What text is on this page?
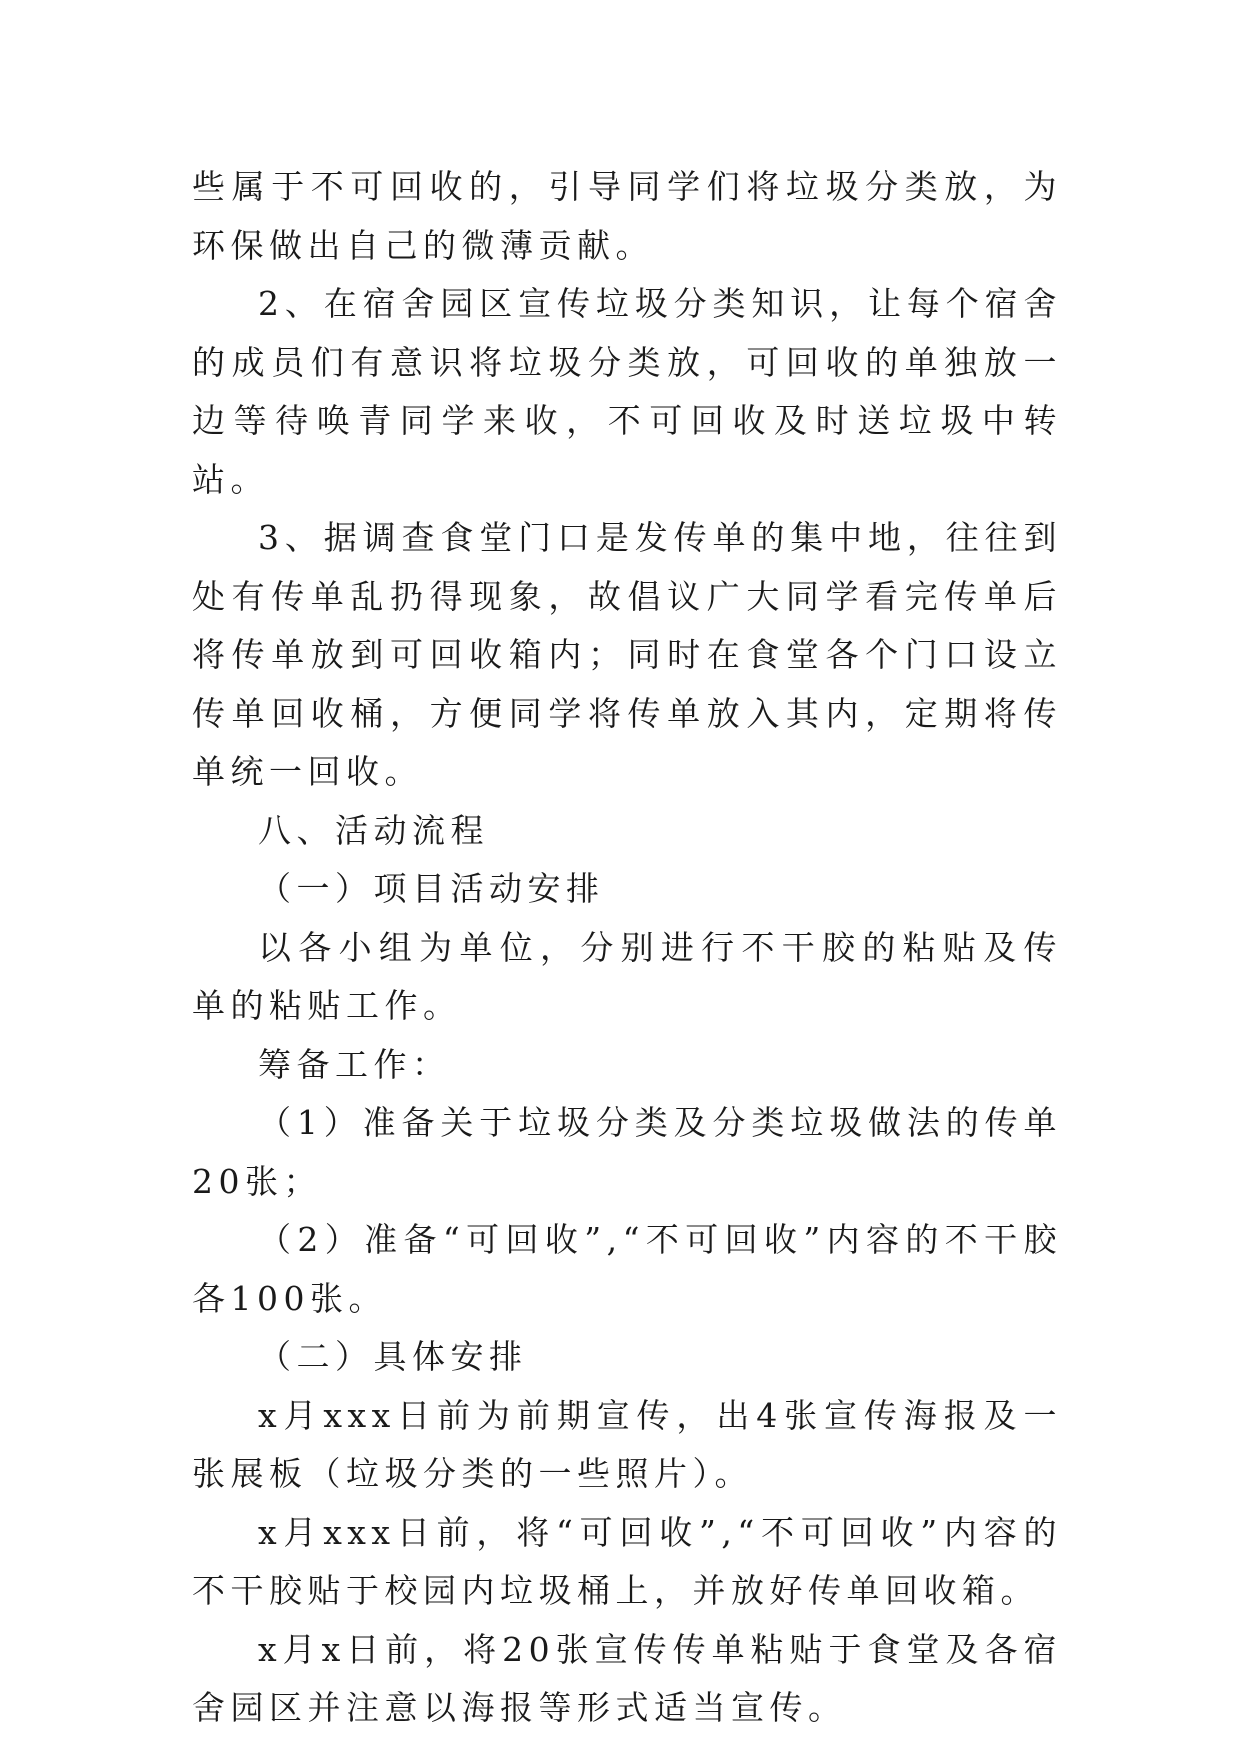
些属于不可回收的，引导同学们将垃圾分类放，为环保做出自己的微薄贡献。

2、在宿舍园区宣传垃圾分类知识，让每个宿舍的成员们有意识将垃圾分类放，可回收的单独放一边等待唤青同学来收，不可回收及时送垃圾中转站。

3、据调查食堂门口是发传单的集中地，往往到处有传单乱扔得现象，故倡议广大同学看完传单后将传单放到可回收箱内；同时在食堂各个门口设立传单回收桶，方便同学将传单放入其内，定期将传单统一回收。

八、活动流程

（一）项目活动安排

以各小组为单位，分别进行不干胶的粘贴及传单的粘贴工作。

筹备工作：

（1）准备关于垃圾分类及分类垃圾做法的传单20张；

（2）准备“可回收”,“不可回收”内容的不干胶各100张。

（二）具体安排

x月xxx日前为前期宣传，出4张宣传海报及一张展板（垃圾分类的一些照片）。

x月xxx日前，将“可回收”,“不可回收”内容的不干胶贴于校园内垃圾桶上，并放好传单回收箱。

x月x日前，将20张宣传传单粘贴于食堂及各宿舍园区并注意以海报等形式适当宣传。
